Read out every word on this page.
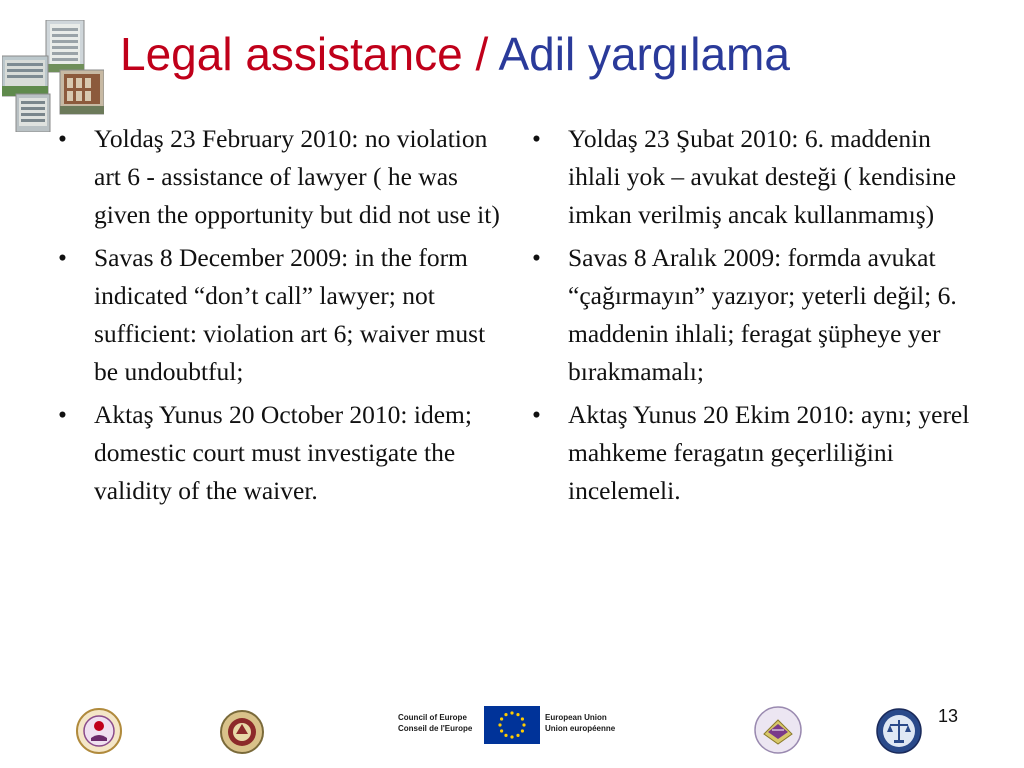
Legal assistance / Adil yargılama
• Yoldaş 23 February 2010: no violation art 6 - assistance of lawyer ( he was given the opportunity but did not use it)
• Savas 8 December 2009: in the form indicated “don’t call” lawyer; not sufficient: violation art 6; waiver must be undoubtful;
• Aktaş Yunus 20 October 2010: idem; domestic court must investigate the validity of the waiver.
• Yoldaş 23 Şubat 2010: 6. maddenin ihlali yok – avukat desteği ( kendisine imkan verilmiş ancak kullanmamış)
• Savas 8 Aralık 2009: formda avukat “çağırmayın” yazıyor; yeterli değil; 6. maddenin ihlali; feragat şüpheye yer bırakmamalı;
• Aktaş Yunus 20 Ekim 2010: aynı; yerel mahkeme feragatın geçerliliğini incelemeli.
Council of Europe
Conseil de l'Europe
European Union
Union européenne
13
